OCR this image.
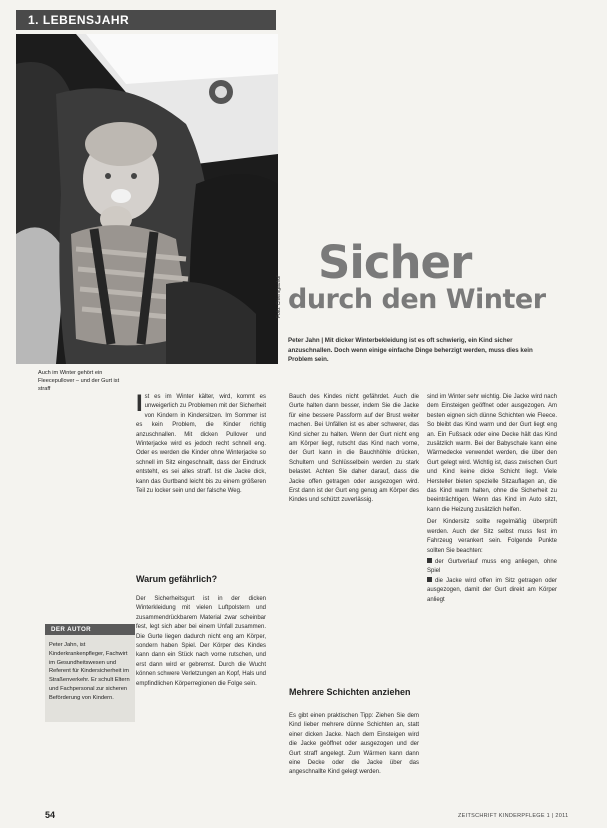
1. LEBENSJAHR
Foto: Chiemgauhof
Auch im Winter gehört ein Fleecepullover – und der Gurt ist straff
Sicher
durch den Winter
Peter Jahn | Mit dicker Winterbekleidung ist es oft schwierig, ein Kind sicher anzuschnallen. Doch wenn einige einfache Dinge beherzigt werden, muss dies kein Problem sein.
Ist es im Winter kälter, wird, kommt es unweigerlich zu Problemen mit der Sicherheit von Kindern in Kindersitzen. Im Sommer ist es kein Problem, die Kinder richtig anzuschnallen. Mit dicken Pullover und Winterjacke wird es jedoch recht schnell eng. Oder es werden die Kinder ohne Winterjacke so schnell im Sitz eingeschnallt, dass der Eindruck entsteht, es sei alles straff. Ist die Jacke dick, kann das Gurtband leicht bis zu einem größeren Teil zu locker sein und der falsche Weg.
Warum gefährlich?
Der Sicherheitsgurt ist in der dicken Winterkleidung mit vielen Luftpolstern und zusammendrückbarem Material zwar scheinbar fest, legt sich aber bei einem Unfall zusammen. Die Gurte liegen dadurch nicht eng am Körper, sondern haben Spiel. Der Körper des Kindes kann dann ein Stück nach vorne rutschen, und erst dann wird er gebremst. Durch die Wucht können schwere Verletzungen an Kopf, Hals und empfindlichen Körperregionen die Folge sein.
DER AUTOR
Peter Jahn, ist Kinderkrankenpfleger, Fachwirt im Gesundheitswesen und Referent für Kindersicherheit im Straßenverkehr. Er schult Eltern und Fachpersonal zur sicheren Beförderung von Kindern.
Bauch des Kindes nicht gefährdet. Auch die Gurte halten dann besser, indem Sie die Jacke für eine bessere Passform auf der Brust weiter machen. Bei Unfällen ist es aber schwerer, das Kind sicher zu halten. Wenn der Gurt nicht eng am Körper liegt, rutscht das Kind nach vorne, der Gurt kann in die Bauchhöhle drücken, Schultern und Schlüsselbein werden zu stark belastet. Achten Sie daher darauf, dass die Jacke offen getragen oder ausgezogen wird. Erst dann ist der Gurt eng genug am Körper des Kindes und schützt zuverlässig.
Mehrere Schichten anziehen
Es gibt einen praktischen Tipp: Ziehen Sie dem Kind lieber mehrere dünne Schichten an, statt einer dicken Jacke. Nach dem Einsteigen wird die Jacke geöffnet oder ausgezogen und der Gurt straff angelegt. Zum Wärmen kann dann eine Decke oder die Jacke über das angeschnallte Kind gelegt werden.
sind im Winter sehr wichtig. Die Jacke wird nach dem Einsteigen geöffnet oder ausgezogen. Am besten eignen sich dünne Schichten wie Fleece. So bleibt das Kind warm und der Gurt liegt eng an. Ein Fußsack oder eine Decke hält das Kind zusätzlich warm. Bei der Babyschale kann eine Wärmedecke verwendet werden, die über den Gurt gelegt wird. Wichtig ist, dass zwischen Gurt und Kind keine dicke Schicht liegt. Viele Hersteller bieten spezielle Sitzauflagen an, die das Kind warm halten, ohne die Sicherheit zu beeinträchtigen. Wenn das Kind im Auto sitzt, kann die Heizung zusätzlich helfen.
Der Kindersitz sollte regelmäßig überprüft werden. Auch der Sitz selbst muss fest im Fahrzeug verankert sein. Folgende Punkte sollten Sie beachten:
der Gurtverlauf muss eng anliegen, ohne Spiel
die Jacke wird offen im Sitz getragen oder ausgezogen, damit der Gurt direkt am Körper anliegt
54	ZEITSCHRIFT KINDERPFLEGE 1 | 2011
